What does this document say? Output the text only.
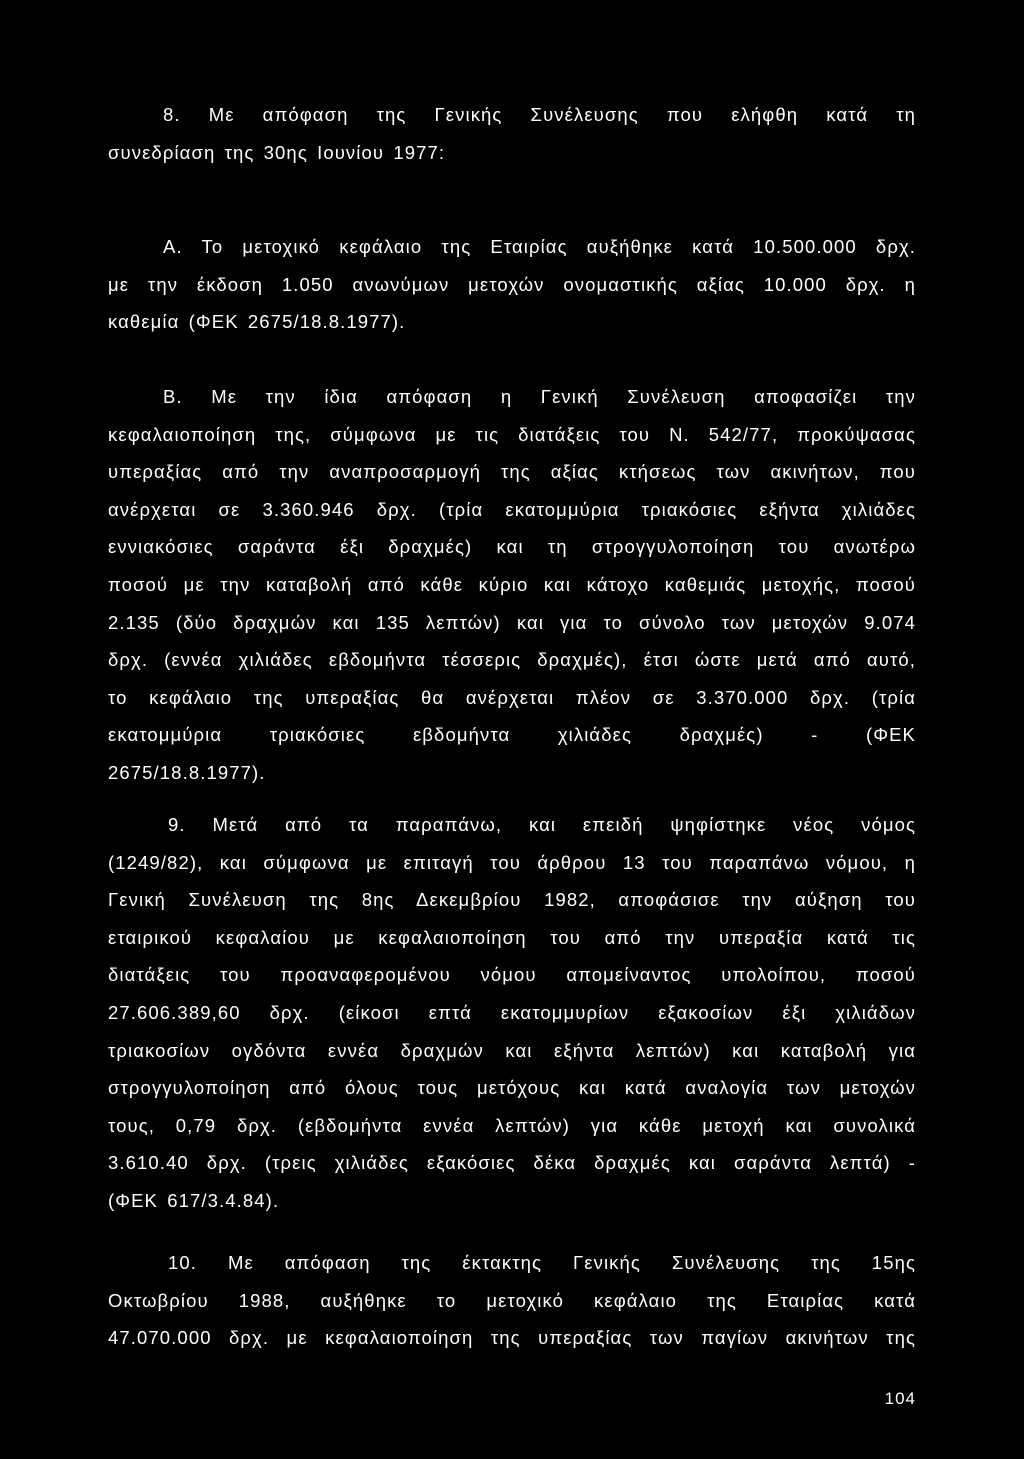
8. Με απόφαση της Γενικής Συνέλευσης που ελήφθη κατά τη
συνεδρίαση της 30ης Ιουνίου 1977:
Α. Το μετοχικό κεφάλαιο της Εταιρίας αυξήθηκε κατά 10.500.000 δρχ.
με την έκδοση 1.050 ανωνύμων μετοχών ονομαστικής αξίας 10.000 δρχ. η
καθεμία (ΦΕΚ 2675/18.8.1977).
Β. Με την ίδια απόφαση η Γενική Συνέλευση αποφασίζει την
κεφαλαιοποίηση της, σύμφωνα με τις διατάξεις του Ν. 542/77, προκύψασας
υπεραξίας από την αναπροσαρμογή της αξίας κτήσεως των ακινήτων, που
ανέρχεται σε 3.360.946 δρχ. (τρία εκατομμύρια τριακόσιες εξήντα χιλιάδες
εννιακόσιες σαράντα έξι δραχμές) και τη στρογγυλοποίηση του ανωτέρω
ποσού με την καταβολή από κάθε κύριο και κάτοχο καθεμιάς μετοχής, ποσού
2.135 (δύο δραχμών και 135 λεπτών) και για το σύνολο των μετοχών 9.074
δρχ. (εννέα χιλιάδες εβδομήντα τέσσερις δραχμές), έτσι ώστε μετά από αυτό,
το κεφάλαιο της υπεραξίας θα ανέρχεται πλέον σε 3.370.000 δρχ. (τρία
εκατομμύρια τριακόσιες εβδομήντα χιλιάδες δραχμές) - (ΦΕΚ
2675/18.8.1977).
9. Μετά από τα παραπάνω, και επειδή ψηφίστηκε νέος νόμος
(1249/82), και σύμφωνα με επιταγή του άρθρου 13 του παραπάνω νόμου, η
Γενική Συνέλευση της 8ης Δεκεμβρίου 1982, αποφάσισε την αύξηση του
εταιρικού κεφαλαίου με κεφαλαιοποίηση του από την υπεραξία κατά τις
διατάξεις του προαναφερομένου νόμου απομείναντος υπολοίπου, ποσού
27.606.389,60 δρχ. (είκοσι επτά εκατομμυρίων εξακοσίων έξι χιλιάδων
τριακοσίων ογδόντα εννέα δραχμών και εξήντα λεπτών) και καταβολή για
στρογγυλοποίηση από όλους τους μετόχους και κατά αναλογία των μετοχών
τους, 0,79 δρχ. (εβδομήντα εννέα λεπτών) για κάθε μετοχή και συνολικά
3.610.40 δρχ. (τρεις χιλιάδες εξακόσιες δέκα δραχμές και σαράντα λεπτά) -
(ΦΕΚ 617/3.4.84).
10. Με απόφαση της έκτακτης Γενικής Συνέλευσης της 15ης
Οκτωβρίου 1988, αυξήθηκε το μετοχικό κεφάλαιο της Εταιρίας κατά
47.070.000 δρχ. με κεφαλαιοποίηση της υπεραξίας των παγίων ακινήτων της
104
